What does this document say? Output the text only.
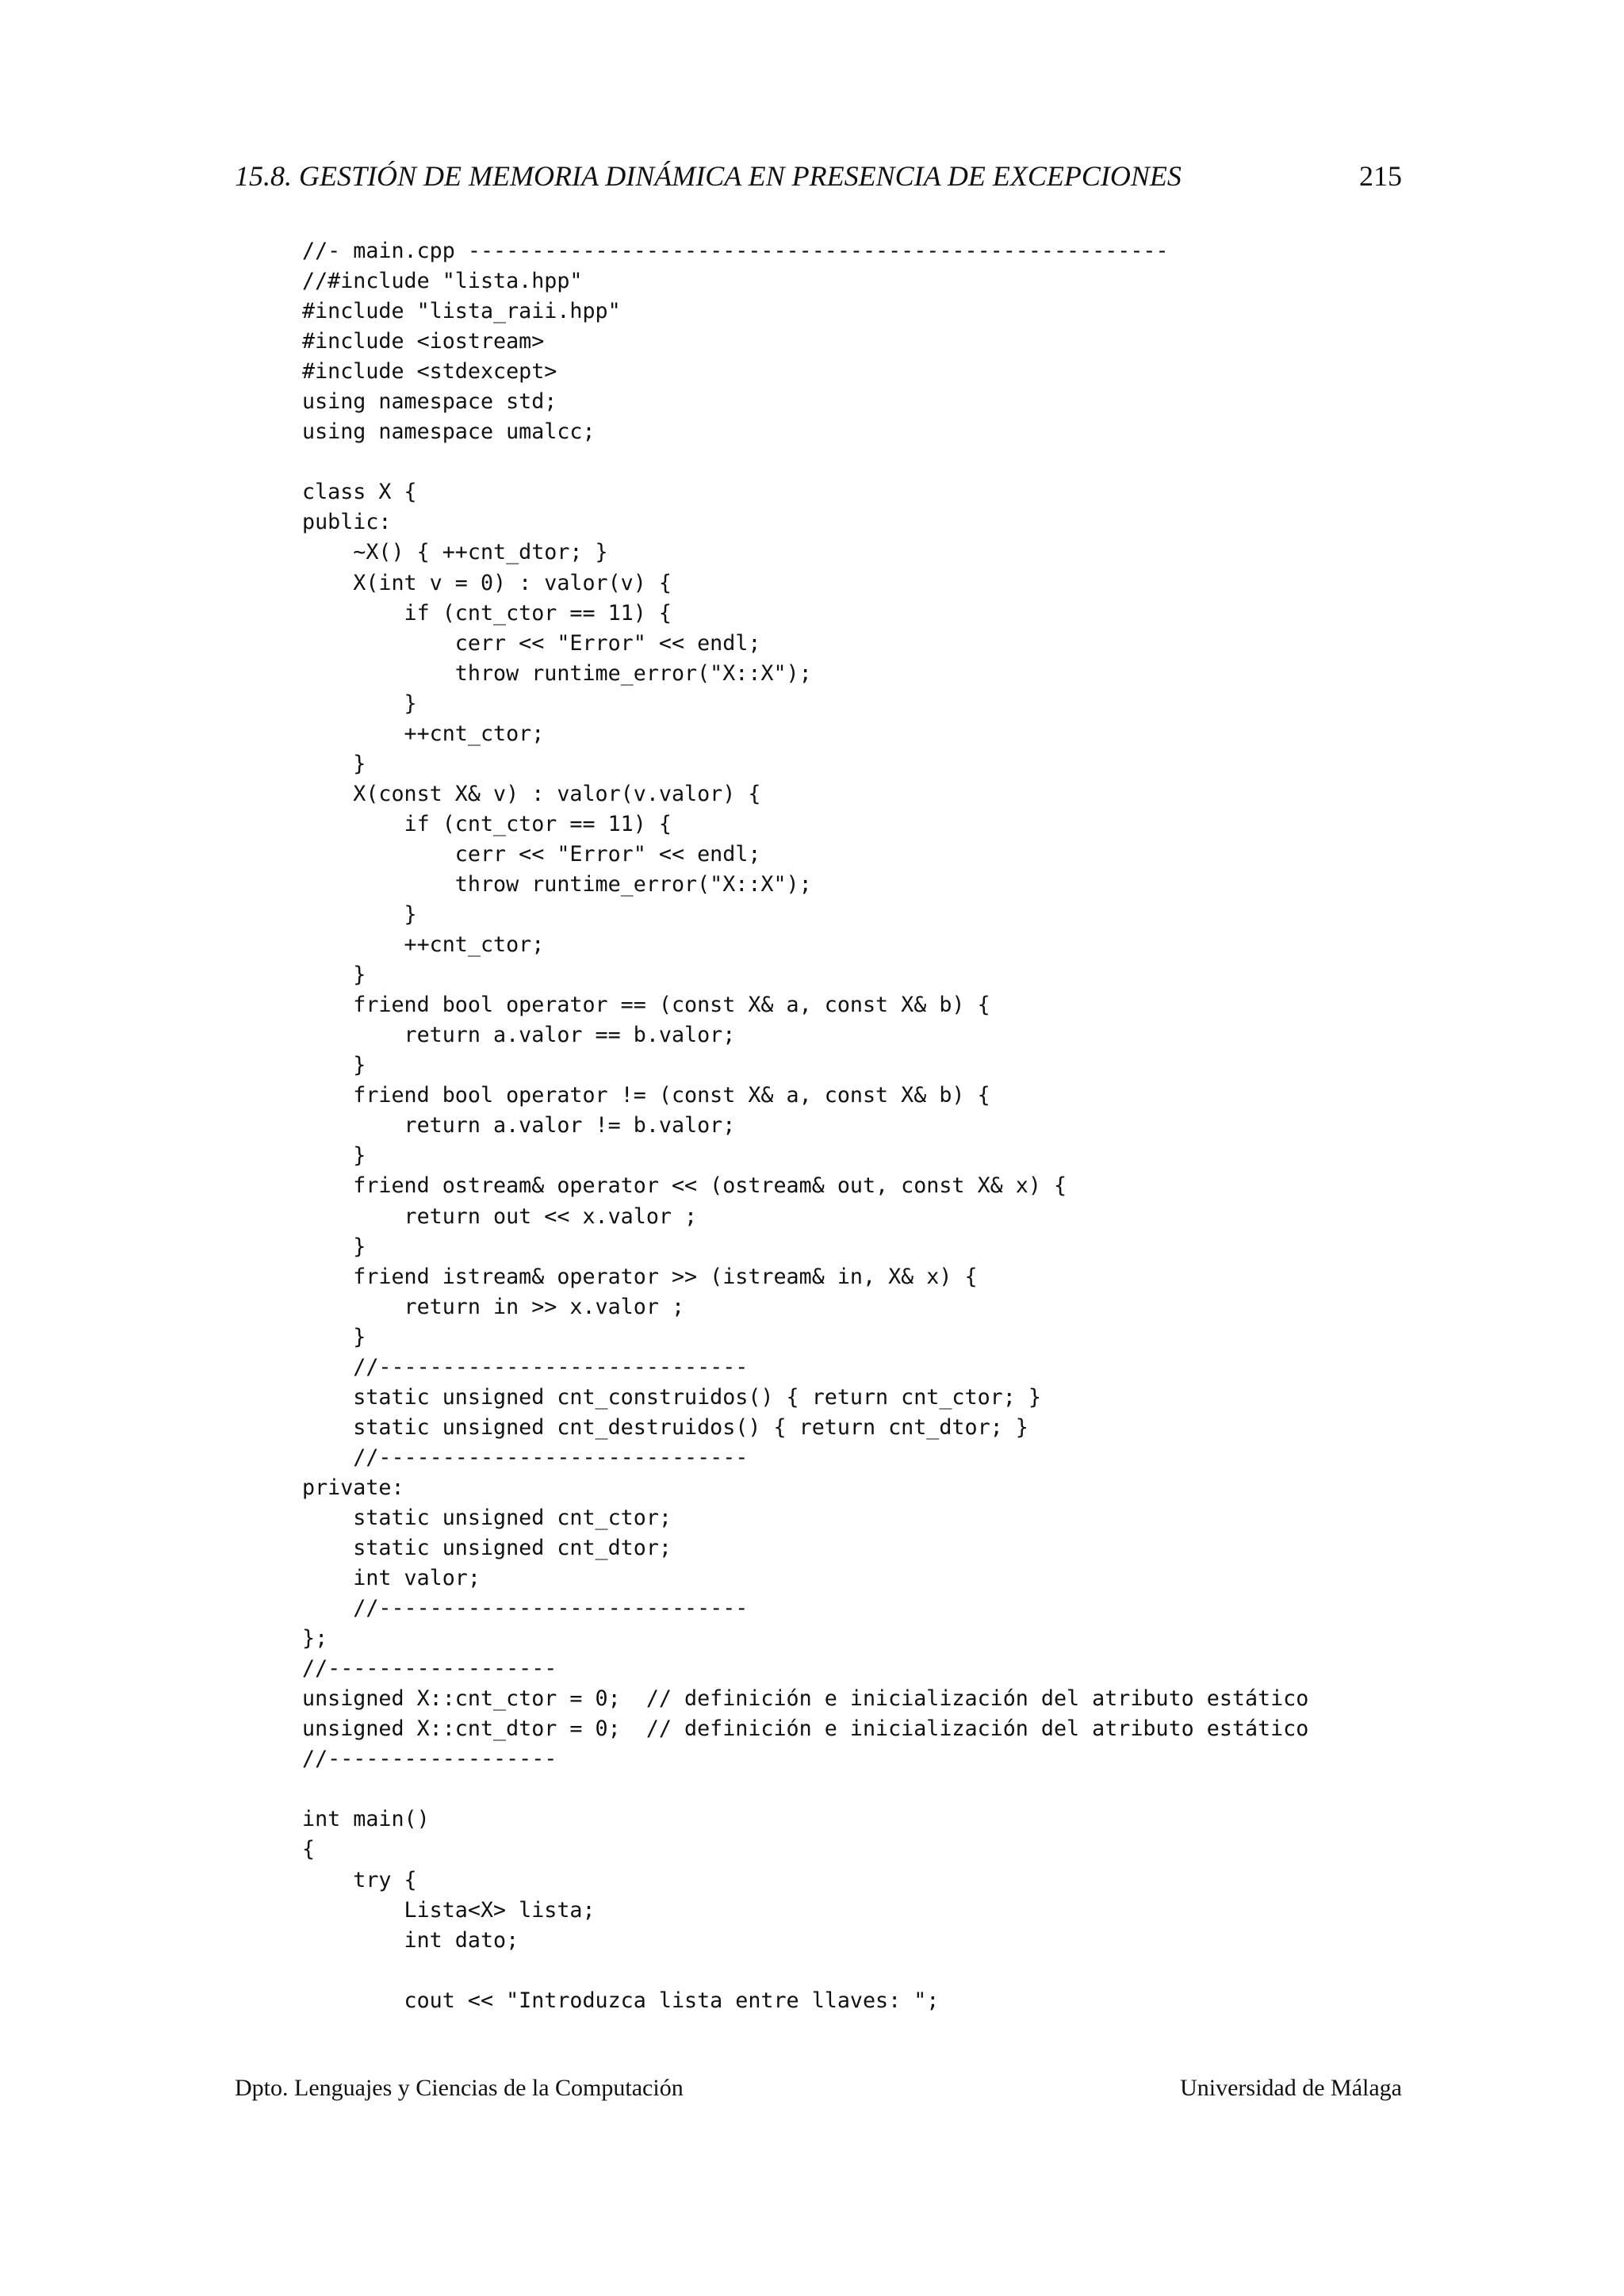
15.8. GESTIÓN DE MEMORIA DINÁMICA EN PRESENCIA DE EXCEPCIONES	215
//- main.cpp -------------------------------------------------------
//#include "lista.hpp"
#include "lista_raii.hpp"
#include <iostream>
#include <stdexcept>
using namespace std;
using namespace umalcc;
class X {
public:
~X() { ++cnt_dtor; }
X(int v = 0) : valor(v) {
if (cnt_ctor == 11) {
cerr << "Error" << endl;
throw runtime_error("X::X");
}
++cnt_ctor;
}
X(const X& v) : valor(v.valor) {
if (cnt_ctor == 11) {
cerr << "Error" << endl;
throw runtime_error("X::X");
}
++cnt_ctor;
}
friend bool operator == (const X& a, const X& b) {
return a.valor == b.valor;
}
friend bool operator != (const X& a, const X& b) {
return a.valor != b.valor;
}
friend ostream& operator << (ostream& out, const X& x) {
return out << x.valor ;
}
friend istream& operator >> (istream& in, X& x) {
return in >> x.valor ;
}
//-----------------------------
static unsigned cnt_construidos() { return cnt_ctor; }
static unsigned cnt_destruidos() { return cnt_dtor; }
//-----------------------------
private:
static unsigned cnt_ctor;
static unsigned cnt_dtor;
int valor;
//-----------------------------
};
//------------------
unsigned X::cnt_ctor = 0;  // definición e inicialización del atributo estático
unsigned X::cnt_dtor = 0;  // definición e inicialización del atributo estático
//------------------
int main()
{
try {
Lista<X> lista;
int dato;
cout << "Introduzca lista entre llaves: ";
Dpto. Lenguajes y Ciencias de la Computación	Universidad de Málaga
